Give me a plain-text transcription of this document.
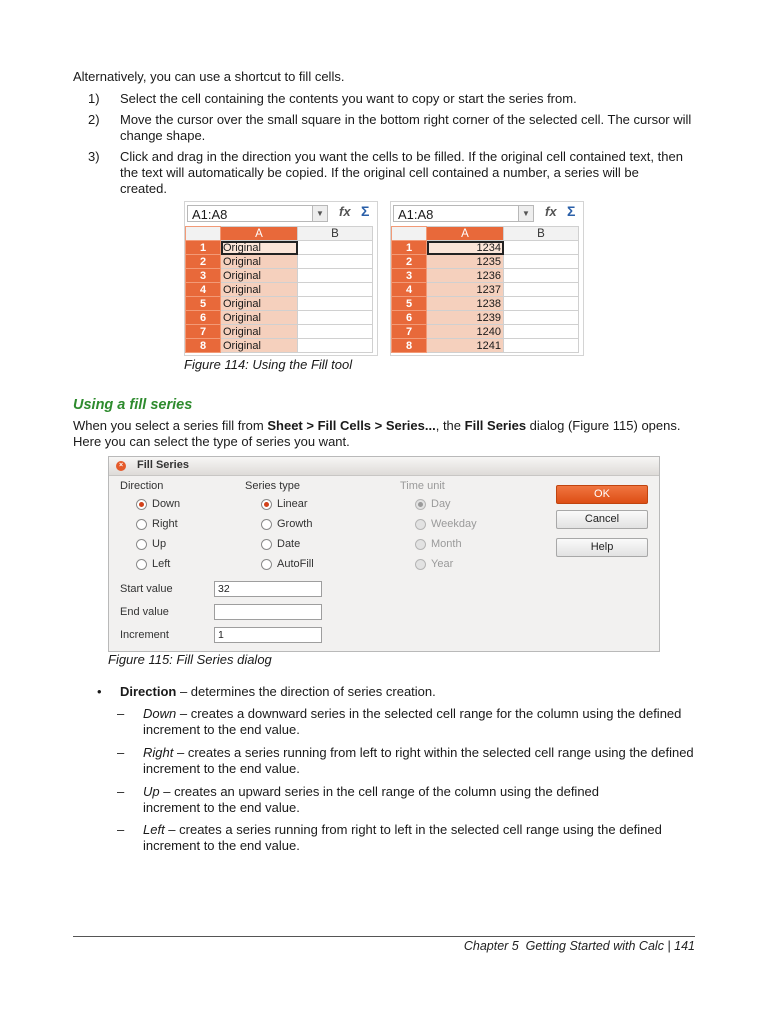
Alternatively, you can use a shortcut to fill cells.
1) Select the cell containing the contents you want to copy or start the series from.
2) Move the cursor over the small square in the bottom right corner of the selected cell. The cursor will change shape.
3) Click and drag in the direction you want the cells to be filled. If the original cell contained text, then the text will automatically be copied. If the original cell contained a number, a series will be created.
A1:A8	▼	fx Σ
	A	B
1	Original	
2	Original	
3	Original	
4	Original	
5	Original	
6	Original	
7	Original	
8	Original	
A1:A8	▼	fx Σ
	A	B
1	1234	
2	1235	
3	1236	
4	1237	
5	1238	
6	1239	
7	1240	
8	1241	
Figure 114: Using the Fill tool
Using a fill series
When you select a series fill from Sheet > Fill Cells > Series..., the Fill Series dialog (Figure 115) opens. Here you can select the type of series you want.
× Fill Series
Direction
Down
Right
Up
Left
Series type
Linear
Growth
Date
AutoFill
Time unit
Day
Weekday
Month
Year
Start value	32
End value
Increment	1
OK
Cancel
Help
Figure 115: Fill Series dialog
• Direction – determines the direction of series creation.
– Down – creates a downward series in the selected cell range for the column using the defined increment to the end value.
– Right – creates a series running from left to right within the selected cell range using the defined increment to the end value.
– Up – creates an upward series in the cell range of the column using the defined increment to the end value.
– Left – creates a series running from right to left in the selected cell range using the defined increment to the end value.
Chapter 5  Getting Started with Calc | 141
